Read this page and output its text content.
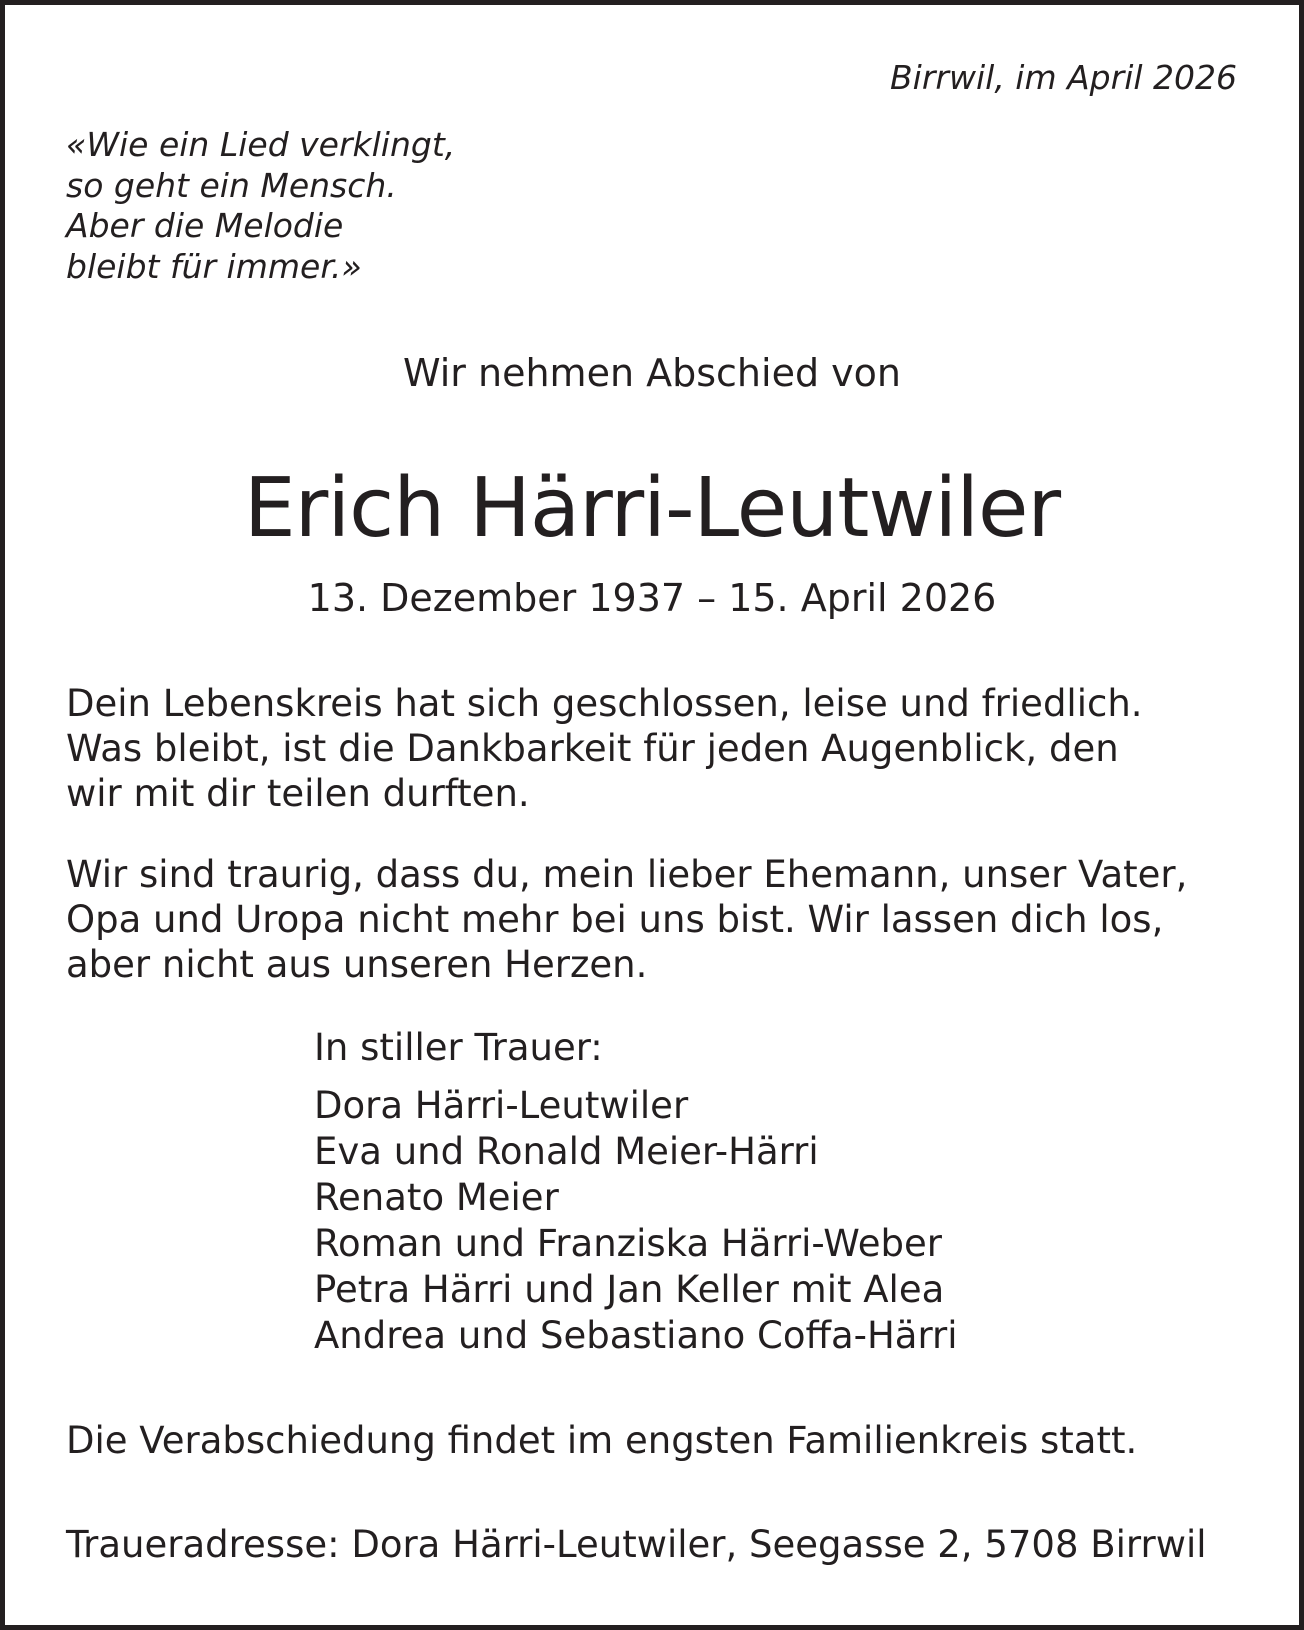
Birrwil, im April 2026

«Wie ein Lied verklingt,
so geht ein Mensch.
Aber die Melodie
bleibt für immer.»

Wir nehmen Abschied von

Erich Härri-Leutwiler

13. Dezember 1937 – 15. April 2026

Dein Lebenskreis hat sich geschlossen, leise und friedlich.
Was bleibt, ist die Dankbarkeit für jeden Augenblick, den
wir mit dir teilen durften.
Wir sind traurig, dass du, mein lieber Ehemann, unser Vater,
Opa und Uropa nicht mehr bei uns bist. Wir lassen dich los,
aber nicht aus unseren Herzen.

In stiller Trauer:

Dora Härri-Leutwiler
Eva und Ronald Meier-Härri
Renato Meier
Roman und Franziska Härri-Weber
Petra Härri und Jan Keller mit Alea
Andrea und Sebastiano Coffa-Härri

Die Verabschiedung findet im engsten Familienkreis statt.

Traueradresse: Dora Härri-Leutwiler, Seegasse 2, 5708 Birrwil
